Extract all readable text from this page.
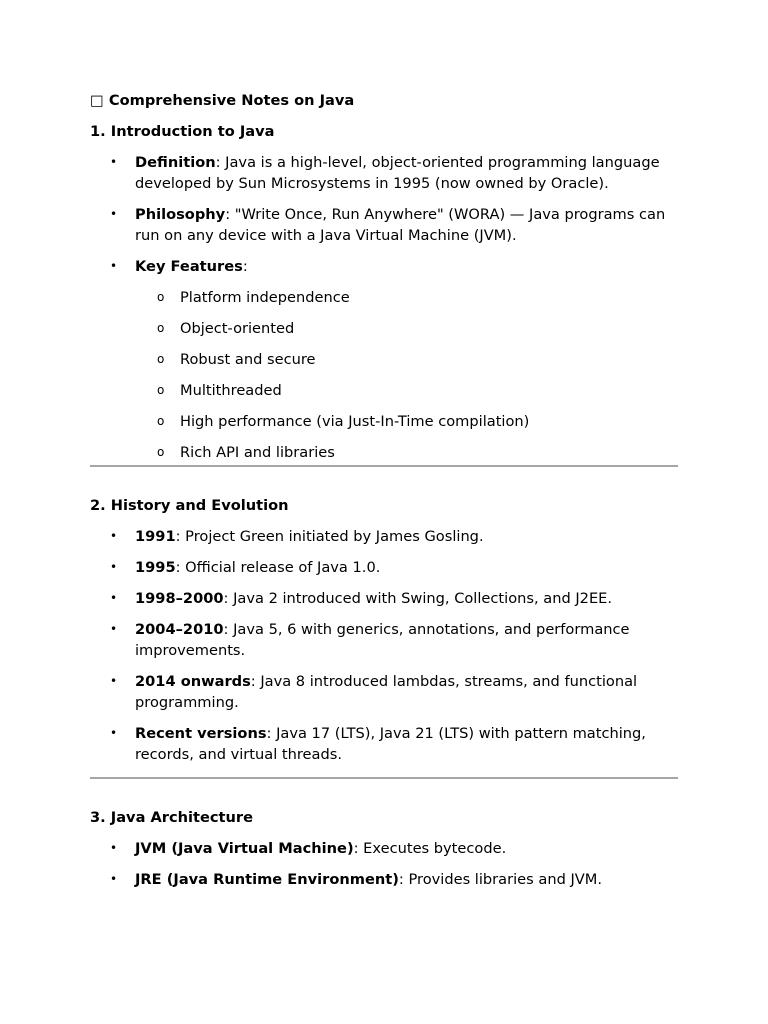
□ Comprehensive Notes on Java

1. Introduction to Java

• Definition: Java is a high-level, object-oriented programming language developed by Sun Microsystems in 1995 (now owned by Oracle).
• Philosophy: "Write Once, Run Anywhere" (WORA) — Java programs can run on any device with a Java Virtual Machine (JVM).
• Key Features:
o Platform independence
o Object-oriented
o Robust and secure
o Multithreaded
o High performance (via Just-In-Time compilation)
o Rich API and libraries

2. History and Evolution

• 1991: Project Green initiated by James Gosling.
• 1995: Official release of Java 1.0.
• 1998–2000: Java 2 introduced with Swing, Collections, and J2EE.
• 2004–2010: Java 5, 6 with generics, annotations, and performance improvements.
• 2014 onwards: Java 8 introduced lambdas, streams, and functional programming.
• Recent versions: Java 17 (LTS), Java 21 (LTS) with pattern matching, records, and virtual threads.

3. Java Architecture

• JVM (Java Virtual Machine): Executes bytecode.
• JRE (Java Runtime Environment): Provides libraries and JVM.
